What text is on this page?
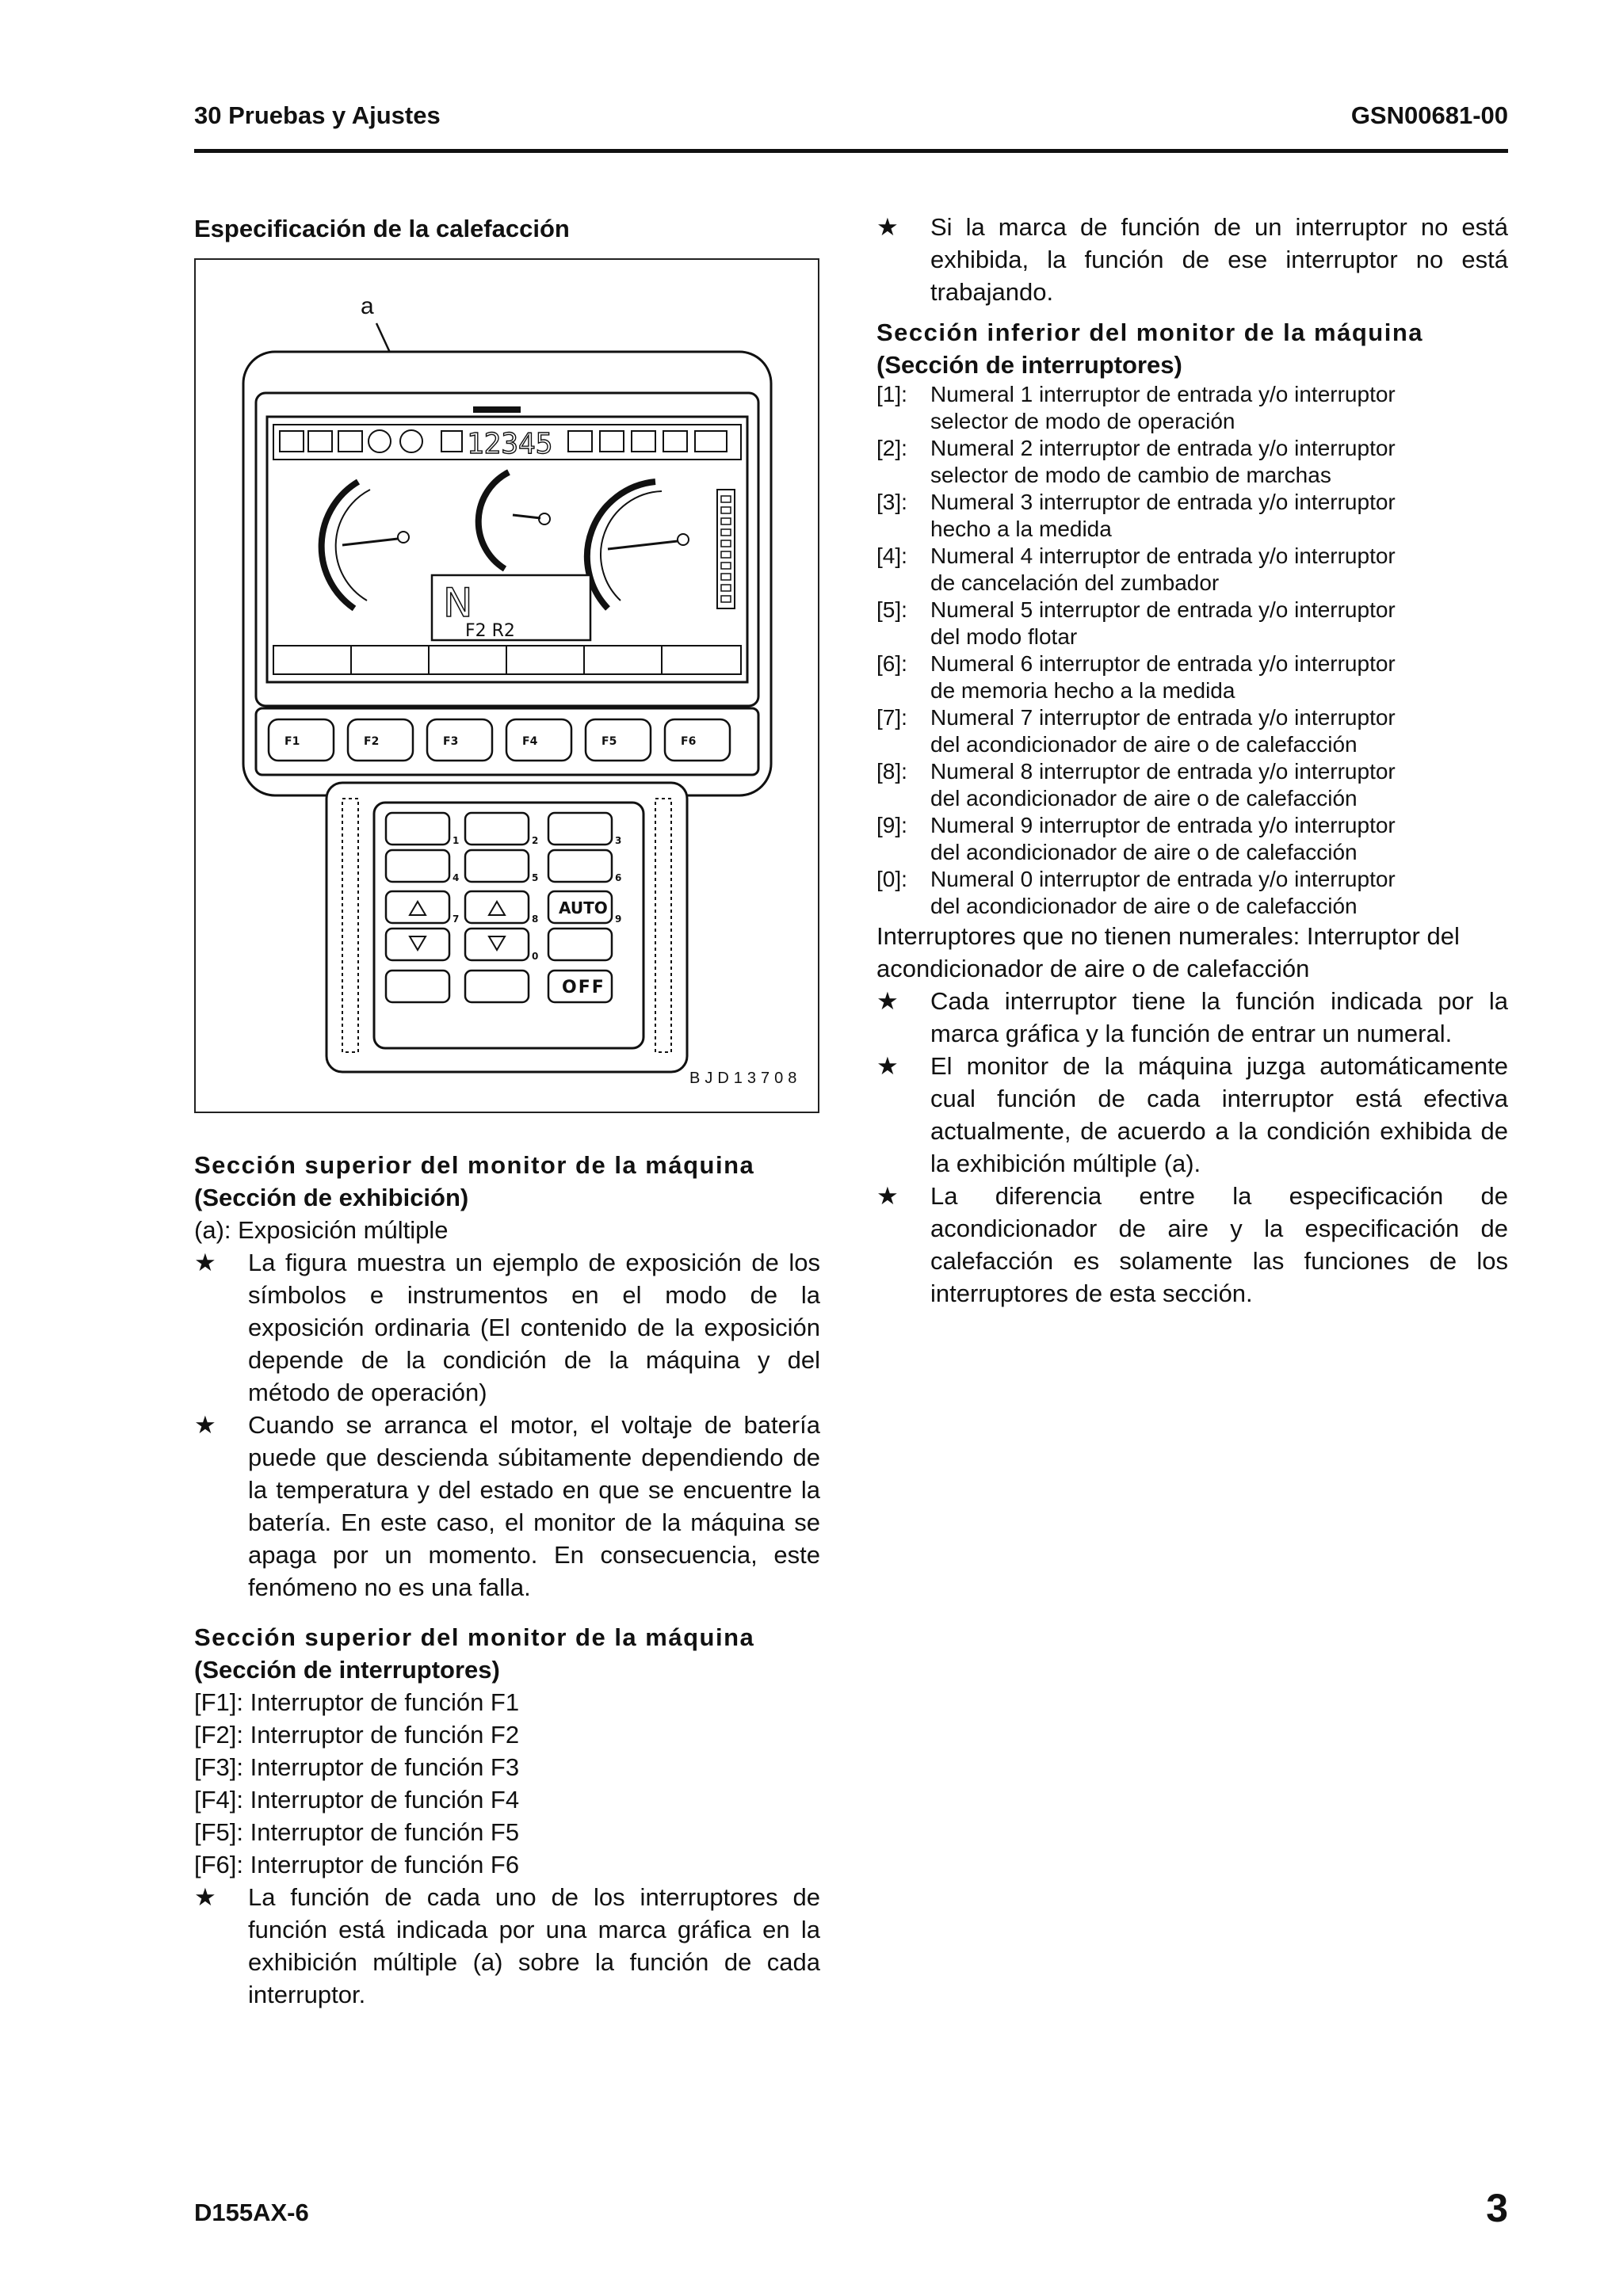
30 Pruebas y Ajustes	GSN00681-00
Especificación de la calefacción
12345
N
F2 R2
F1	F2	F3	F4	F5	F6
AUTO
OFF
1	2	3
4	5	6
7	8	9
0
a
BJD13708
Sección superior del monitor de la máquina
(Sección de exhibición)
(a): Exposición múltiple
★ La figura muestra un ejemplo de exposición de los símbolos e instrumentos en el modo de la exposición ordinaria (El contenido de la exposición depende de la condición de la máquina y del método de operación)
★ Cuando se arranca el motor, el voltaje de batería puede que descienda súbitamente dependiendo de la temperatura y del estado en que se encuentre la batería. En este caso, el monitor de la máquina se apaga por un momento. En consecuencia, este fenómeno no es una falla.
Sección superior del monitor de la máquina
(Sección de interruptores)
[F1]: Interruptor de función F1
[F2]: Interruptor de función F2
[F3]: Interruptor de función F3
[F4]: Interruptor de función F4
[F5]: Interruptor de función F5
[F6]: Interruptor de función F6
★ La función de cada uno de los interruptores de función está indicada por una marca gráfica en la exhibición múltiple (a) sobre la función de cada interruptor.
★ Si la marca de función de un interruptor no está exhibida, la función de ese interruptor no está trabajando.
Sección inferior del monitor de la máquina
(Sección de interruptores)
[1]: Numeral 1 interruptor de entrada y/o interruptor
selector de modo de operación
[2]: Numeral 2 interruptor de entrada y/o interruptor
selector de modo de cambio de marchas
[3]: Numeral 3 interruptor de entrada y/o interruptor
hecho a la medida
[4]: Numeral 4 interruptor de entrada y/o interruptor
de cancelación del zumbador
[5]: Numeral 5 interruptor de entrada y/o interruptor
del modo flotar
[6]: Numeral 6 interruptor de entrada y/o interruptor
de memoria hecho a la medida
[7]: Numeral 7 interruptor de entrada y/o interruptor
del acondicionador de aire o de calefacción
[8]: Numeral 8 interruptor de entrada y/o interruptor
del acondicionador de aire o de calefacción
[9]: Numeral 9 interruptor de entrada y/o interruptor
del acondicionador de aire o de calefacción
[0]: Numeral 0 interruptor de entrada y/o interruptor
del acondicionador de aire o de calefacción
Interruptores que no tienen numerales: Interruptor del acondicionador de aire o de calefacción
★ Cada interruptor tiene la función indicada por la marca gráfica y la función de entrar un numeral.
★ El monitor de la máquina juzga automáticamente cual función de cada interruptor está efectiva actualmente, de acuerdo a la condición exhibida de la exhibición múltiple (a).
★ La diferencia entre la especificación de acondicionador de aire y la especificación de calefacción es solamente las funciones de los interruptores de esta sección.
D155AX-6	3
